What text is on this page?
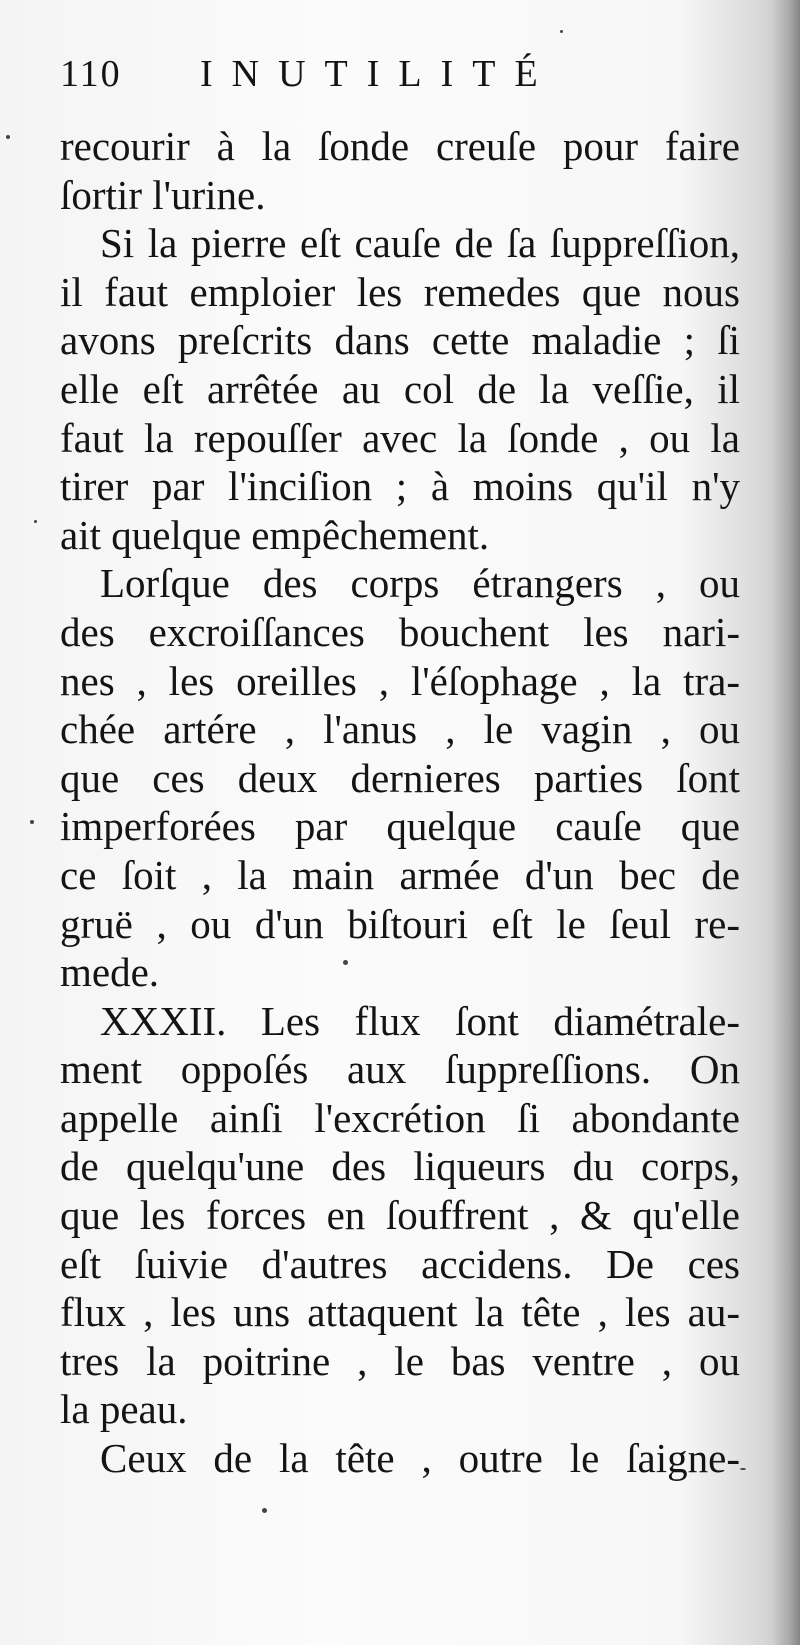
110	INUTILITÉ
recourir à la ſonde creuſe pour faire
ſortir l'urine.
Si la pierre eſt cauſe de ſa ſuppreſſion,
il faut emploier les remedes que nous
avons preſcrits dans cette maladie ; ſi
elle eſt arrêtée au col de la veſſie, il
faut la repouſſer avec la ſonde , ou la
tirer par l'inciſion ; à moins qu'il n'y
ait quelque empêchement.
Lorſque des corps étrangers , ou
des excroiſſances bouchent les nari-
nes , les oreilles , l'éſophage , la tra-
chée artére , l'anus , le vagin , ou
que ces deux dernieres parties ſont
imperforées par quelque cauſe que
ce ſoit , la main armée d'un bec de
gruë , ou d'un biſtouri eſt le ſeul re-
mede.
XXXII. Les flux ſont diamétrale-
ment oppoſés aux ſuppreſſions. On
appelle ainſi l'excrétion ſi abondante
de quelqu'une des liqueurs du corps,
que les forces en ſouffrent , & qu'elle
eſt ſuivie d'autres accidens. De ces
flux , les uns attaquent la tête , les au-
tres la poitrine , le bas ventre , ou
la peau.
Ceux de la tête , outre le ſaigne-
